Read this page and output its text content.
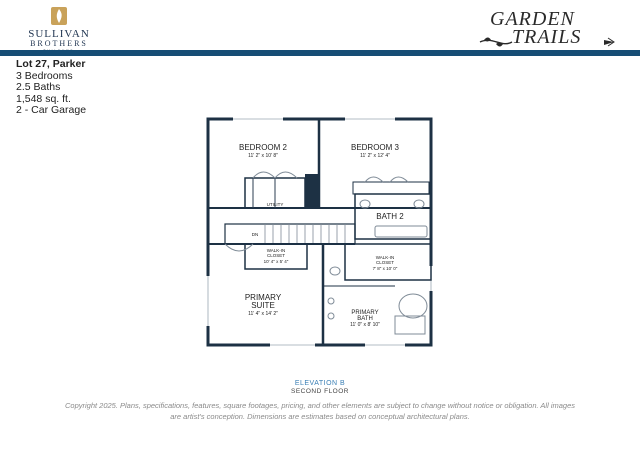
SULLIVAN
BROTHERS
GARDEN
TRAILS
Lot 27, Parker
3 Bedrooms
2.5 Baths
1,548 sq. ft.
2 - Car Garage
BEDROOM 2
11' 2" x 10' 8"
BEDROOM 3
11' 2" x 12' 4"
UTILITY
BATH 2
DN
WALK-IN
CLOSET
10' 4" x 5' 4"
WALK-IN
CLOSET
7' 8" x 10' 0"
PRIMARY
SUITE
11' 4" x 14' 2"	PRIMARY
BATH
11' 0" x 8' 10"
ELEVATION B
SECOND FLOOR
Copyright 2025. Plans, specifications, features, square footages, pricing, and other elements are subject to change without notice or obligation. All images are artist's conception. Dimensions are estimates based on conceptual architectural plans.
